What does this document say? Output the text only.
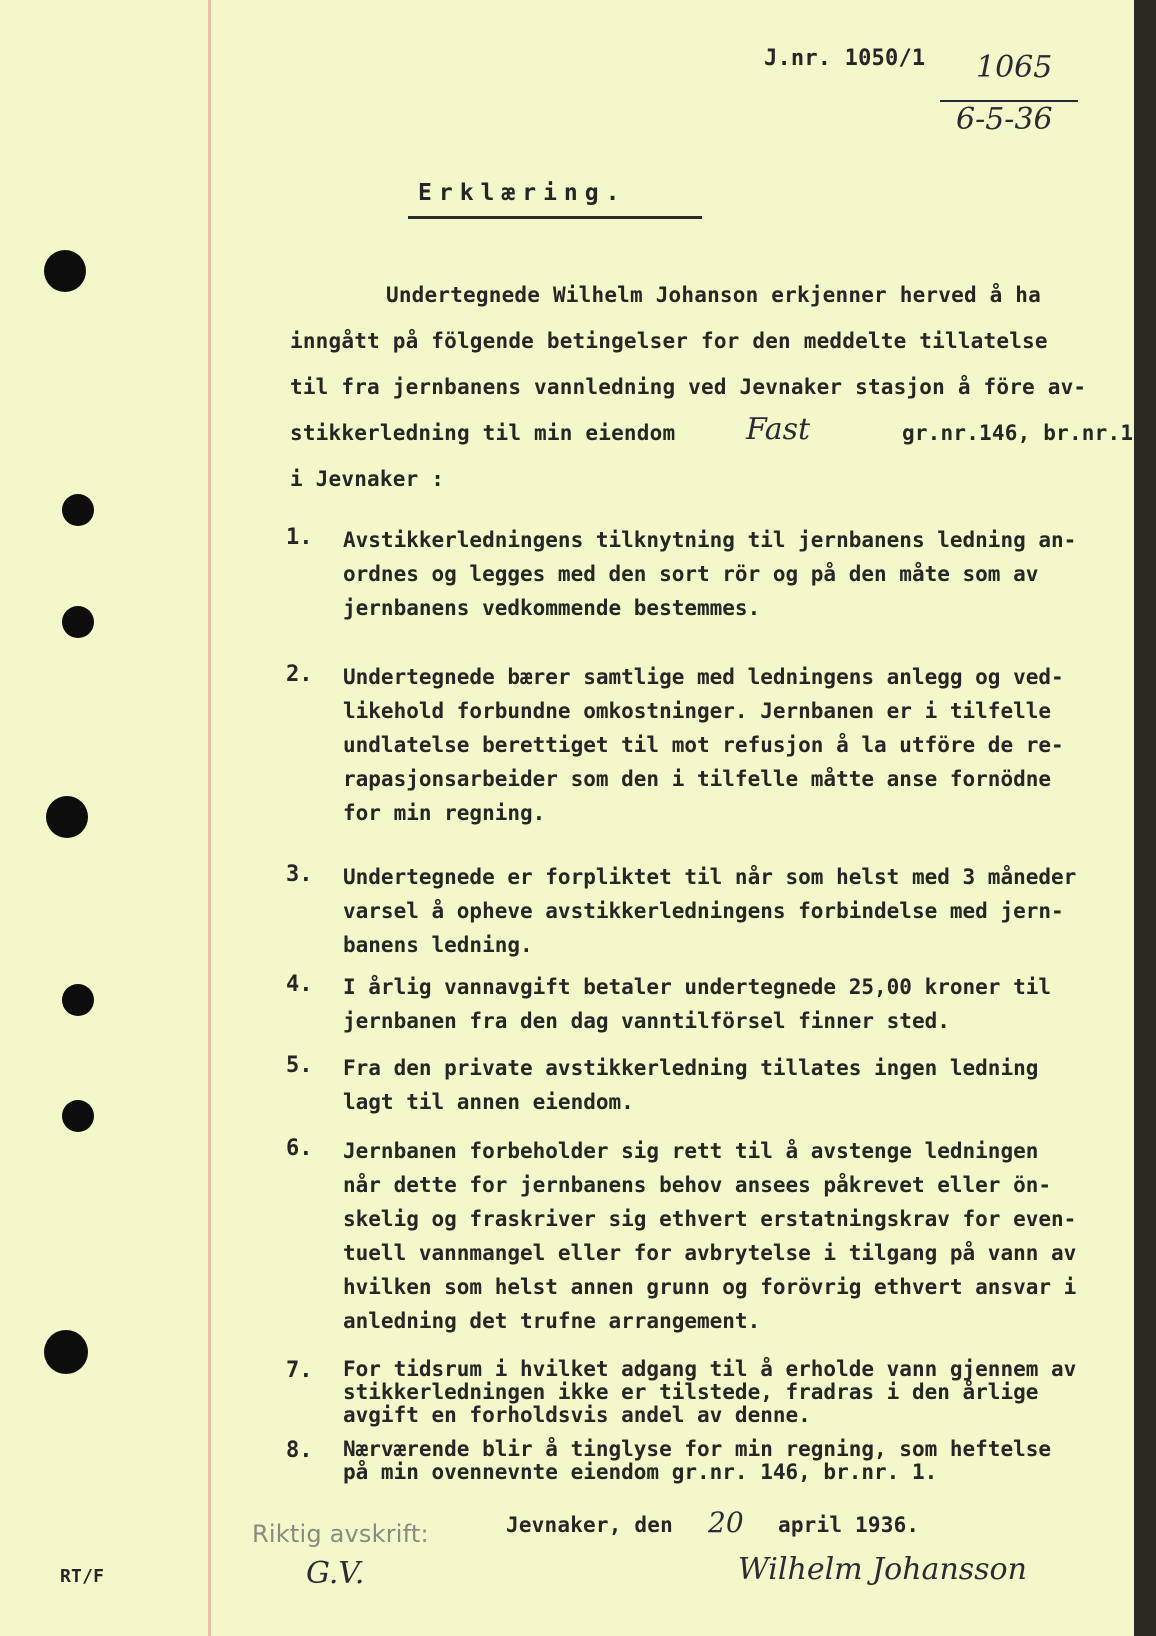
J.nr. 1050/1 1065
6-5-36
Erklæring.
Undertegnede Wilhelm Johanson erkjenner herved å ha
inngått på fölgende betingelser for den meddelte tillatelse
til fra jernbanens vannledning ved Jevnaker stasjon å före av-
stikkerledning til min eiendom Fast	gr.nr.146, br.nr.1
i Jevnaker :
1. Avstikkerledningens tilknytning til jernbanens ledning an-
ordnes og legges med den sort rör og på den måte som av
jernbanens vedkommende bestemmes.
2. Undertegnede bærer samtlige med ledningens anlegg og ved-
likehold forbundne omkostninger. Jernbanen er i tilfelle
undlatelse berettiget til mot refusjon å la utföre de re-
rapasjonsarbeider som den i tilfelle måtte anse fornödne
for min regning.
3. Undertegnede er forpliktet til når som helst med 3 måneder
varsel å opheve avstikkerledningens forbindelse med jern-
banens ledning.
4. I årlig vannavgift betaler undertegnede 25,00 kroner til
jernbanen fra den dag vanntilförsel finner sted.
5. Fra den private avstikkerledning tillates ingen ledning
lagt til annen eiendom.
6. Jernbanen forbeholder sig rett til å avstenge ledningen
når dette for jernbanens behov ansees påkrevet eller ön-
skelig og fraskriver sig ethvert erstatningskrav for even-
tuell vannmangel eller for avbrytelse i tilgang på vann av
hvilken som helst annen grunn og forövrig ethvert ansvar i
anledning det trufne arrangement.
7. For tidsrum i hvilket adgang til å erholde vann gjennem av
stikkerledningen ikke er tilstede, fradras i den årlige
avgift en forholdsvis andel av denne.
8. Nærværende blir å tinglyse for min regning, som heftelse
på min ovennevnte eiendom gr.nr. 146, br.nr. 1.
Jevnaker, den 20 april 1936.
Riktig avskrift:
G.V.	Wilhelm Johansson
RT/F
